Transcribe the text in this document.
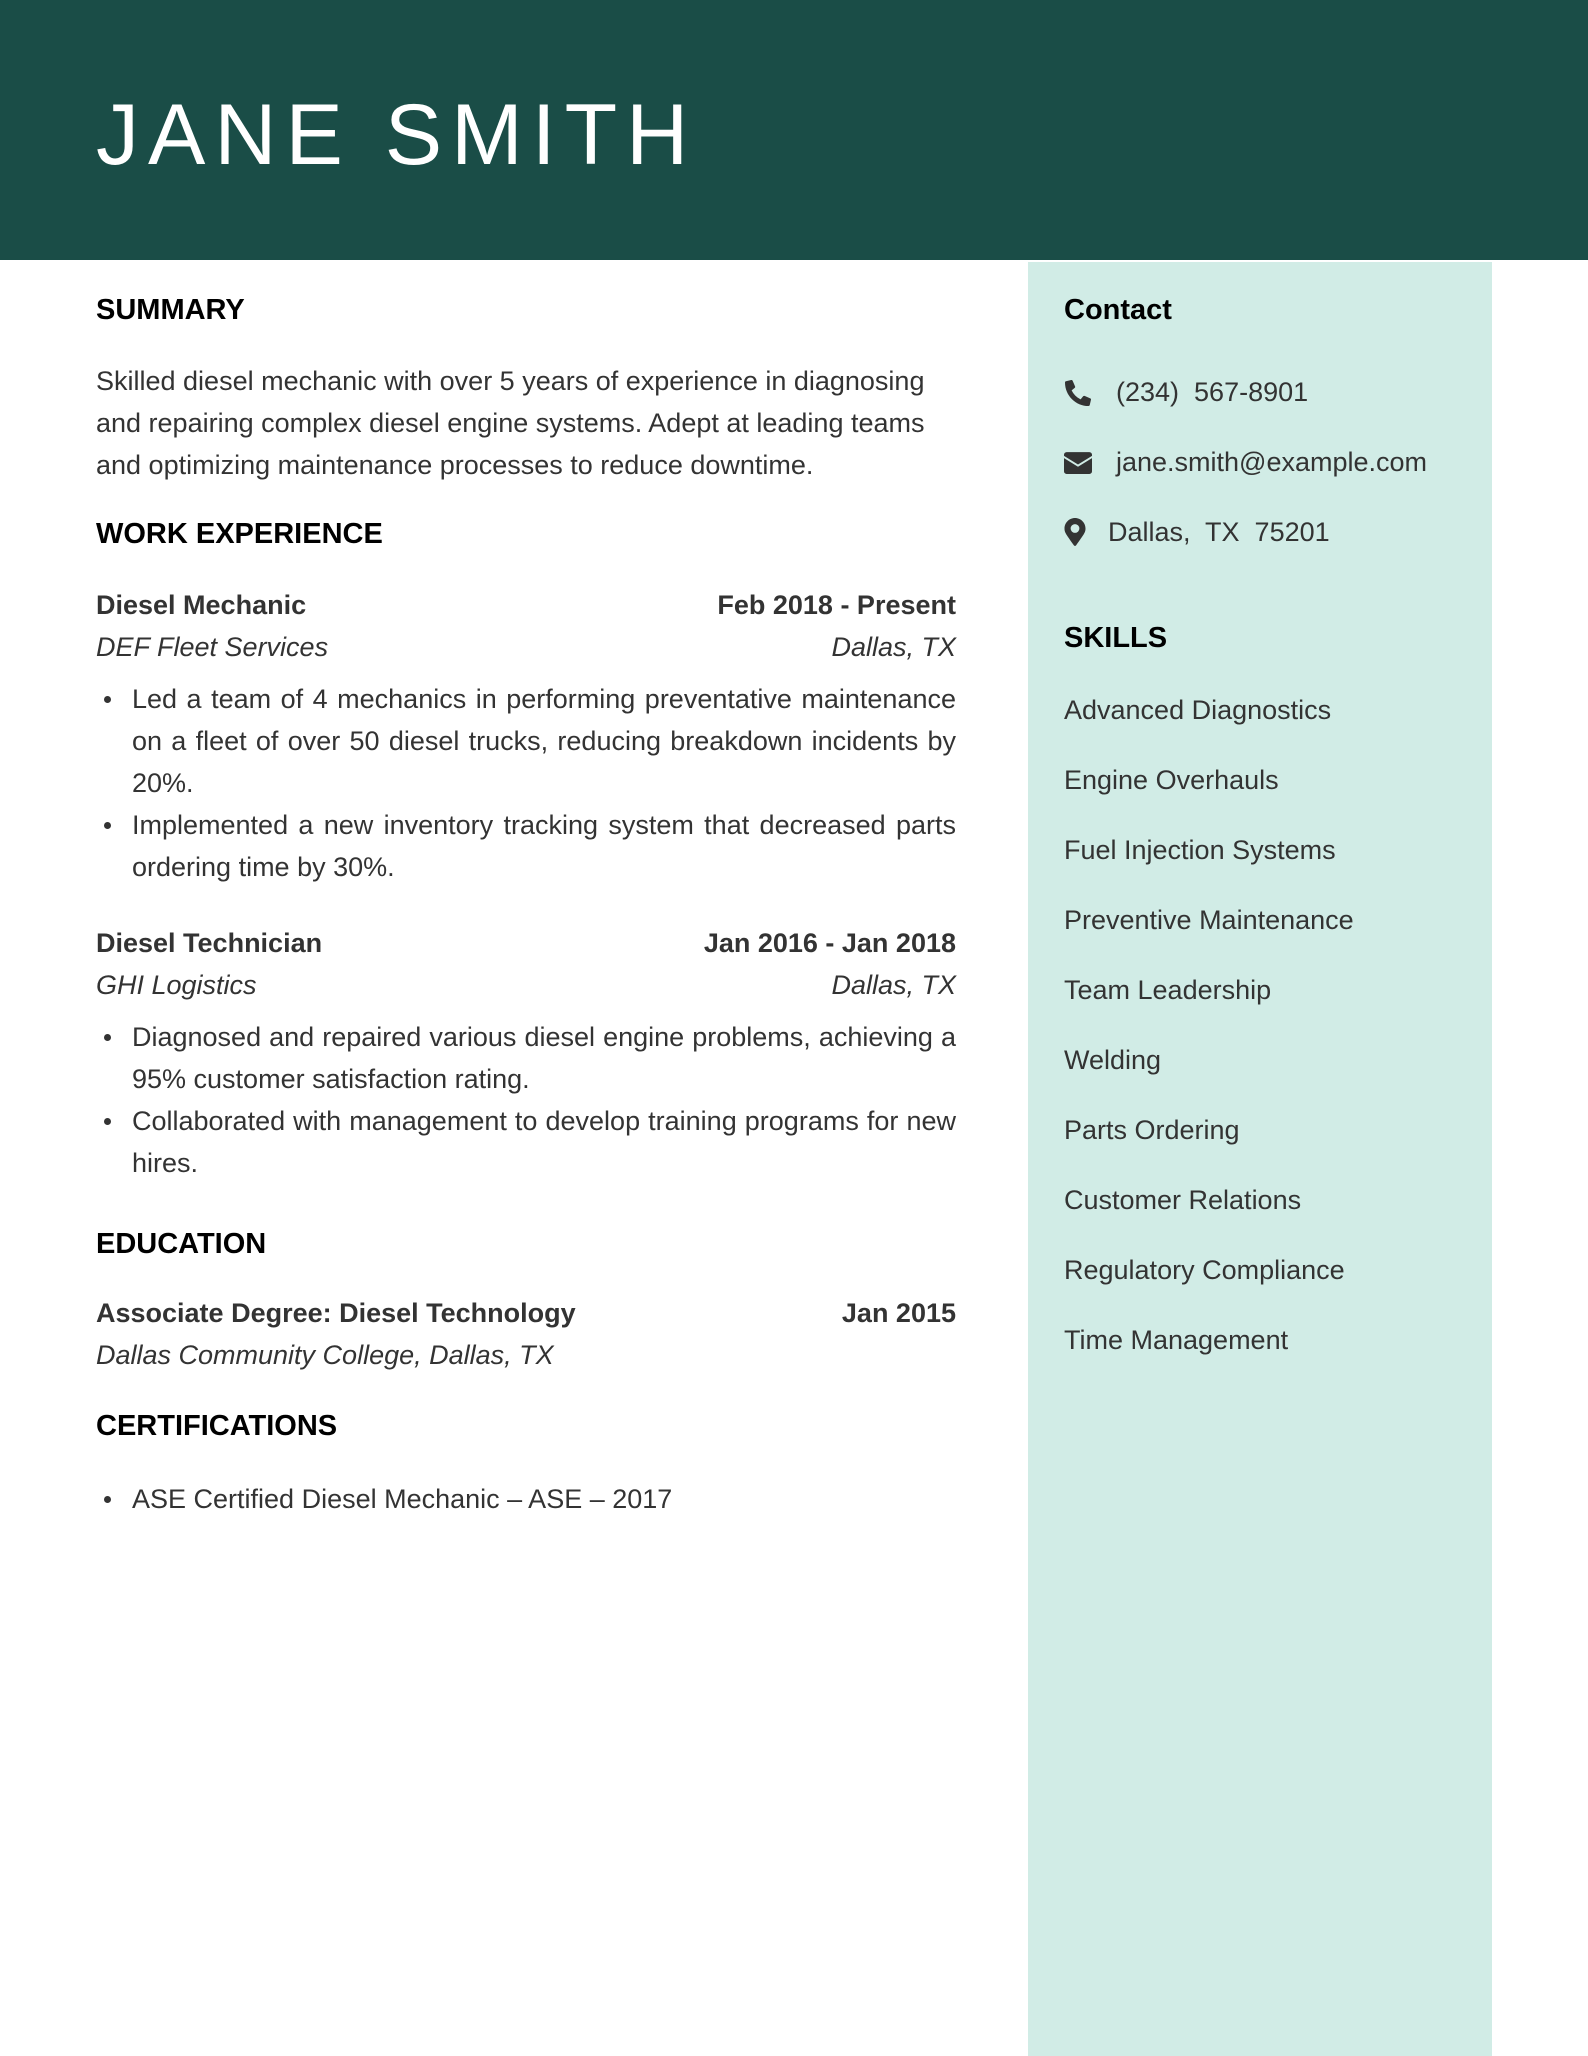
JANE SMITH
Contact

(234)  567-8901

jane.smith@example.com

Dallas,  TX  75201

SKILLS
Advanced Diagnostics
Engine Overhauls
Fuel Injection Systems
Preventive Maintenance
Team Leadership
Welding
Parts Ordering
Customer Relations
Regulatory Compliance
Time Management
SUMMARY
Skilled diesel mechanic with over 5 years of experience in diagnosing and repairing complex diesel engine systems. Adept at leading teams and optimizing maintenance processes to reduce downtime.
WORK EXPERIENCE
Diesel Mechanic	Feb 2018 - Present
DEF Fleet Services	Dallas, TX
Led a team of 4 mechanics in performing preventative maintenance on a fleet of over 50 diesel trucks, reducing breakdown incidents by 20%.
Implemented a new inventory tracking system that decreased parts ordering time by 30%.
Diesel Technician	Jan 2016 - Jan 2018
GHI Logistics	Dallas, TX
Diagnosed and repaired various diesel engine problems, achieving a 95% customer satisfaction rating.
Collaborated with management to develop training programs for new hires.
EDUCATION
Associate Degree: Diesel Technology	Jan 2015
Dallas Community College, Dallas, TX
CERTIFICATIONS
ASE Certified Diesel Mechanic – ASE – 2017
